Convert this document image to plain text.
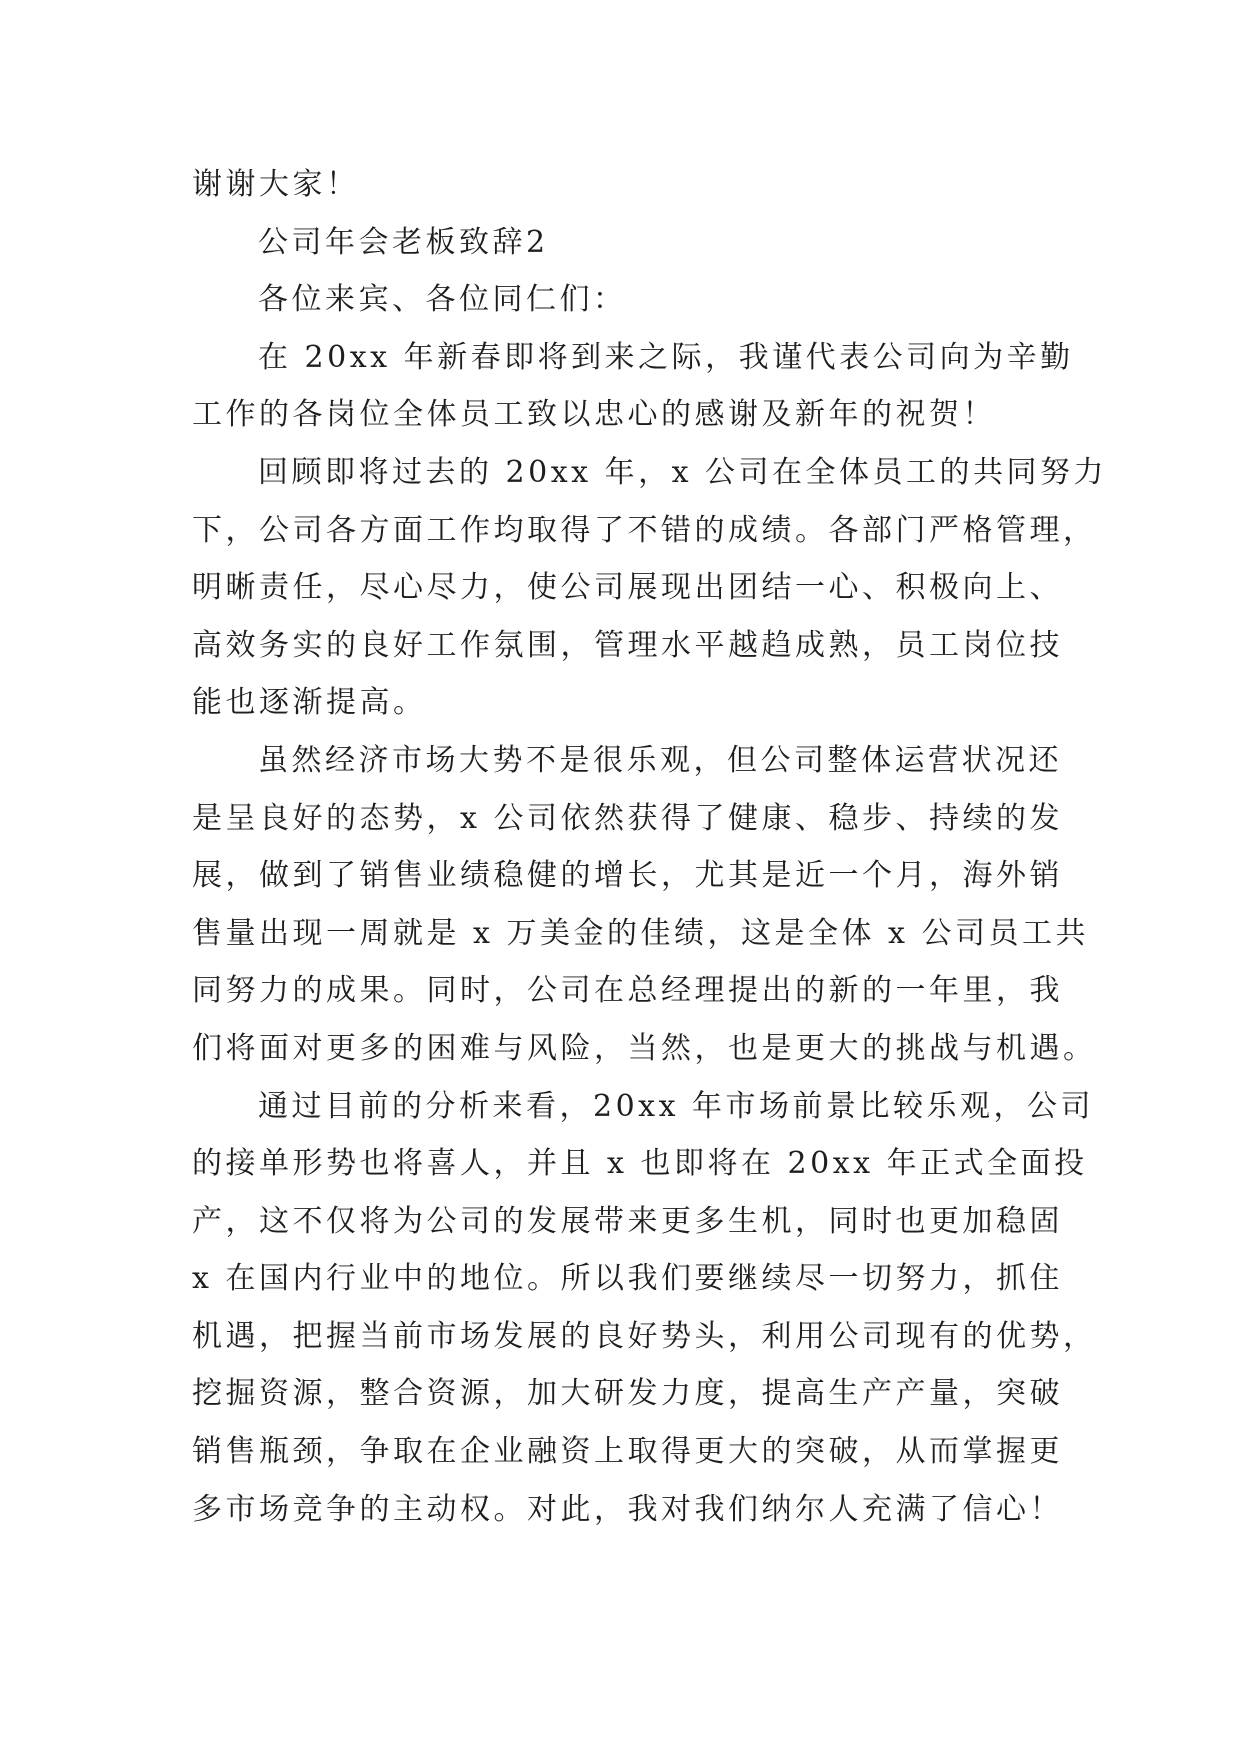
谢谢大家！
公司年会老板致辞2
各位来宾、各位同仁们：
在 20xx 年新春即将到来之际，我谨代表公司向为辛勤
工作的各岗位全体员工致以忠心的感谢及新年的祝贺！
回顾即将过去的 20xx 年，x 公司在全体员工的共同努力
下，公司各方面工作均取得了不错的成绩。各部门严格管理，
明晰责任，尽心尽力，使公司展现出团结一心、积极向上、
高效务实的良好工作氛围，管理水平越趋成熟，员工岗位技
能也逐渐提高。
虽然经济市场大势不是很乐观，但公司整体运营状况还
是呈良好的态势，x 公司依然获得了健康、稳步、持续的发
展，做到了销售业绩稳健的增长，尤其是近一个月，海外销
售量出现一周就是 x 万美金的佳绩，这是全体 x 公司员工共
同努力的成果。同时，公司在总经理提出的新的一年里，我
们将面对更多的困难与风险，当然，也是更大的挑战与机遇。
通过目前的分析来看，20xx 年市场前景比较乐观，公司
的接单形势也将喜人，并且 x 也即将在 20xx 年正式全面投
产，这不仅将为公司的发展带来更多生机，同时也更加稳固
x 在国内行业中的地位。所以我们要继续尽一切努力，抓住
机遇，把握当前市场发展的良好势头，利用公司现有的优势，
挖掘资源，整合资源，加大研发力度，提高生产产量，突破
销售瓶颈，争取在企业融资上取得更大的突破，从而掌握更
多市场竞争的主动权。对此，我对我们纳尔人充满了信心！
